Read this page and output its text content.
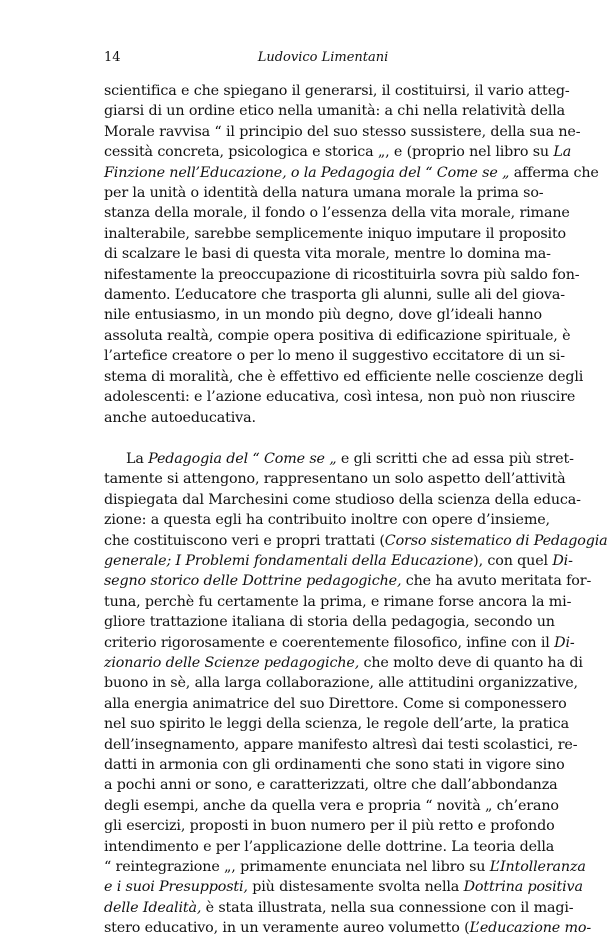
14	Ludovico Limentani

scientifica e che spiegano il generarsi, il costituirsi, il vario atteg-
giarsi di un ordine etico nella umanità: a chi nella relatività della
Morale ravvisa “ il principio del suo stesso sussistere, della sua ne-
cessità concreta, psicologica e storica „, e (proprio nel libro su La
Finzione nell’Educazione, o la Pedagogia del “ Come se „ afferma che
per la unità o identità della natura umana morale la prima so-
stanza della morale, il fondo o l’essenza della vita morale, rimane
inalterabile, sarebbe semplicemente iniquo imputare il proposito
di scalzare le basi di questa vita morale, mentre lo domina ma-
nifestamente la preoccupazione di ricostituirla sovra più saldo fon-
damento. L’educatore che trasporta gli alunni, sulle ali del giova-
nile entusiasmo, in un mondo più degno, dove gl’ideali hanno
assoluta realtà, compie opera positiva di edificazione spirituale, è
l’artefice creatore o per lo meno il suggestivo eccitatore di un si-
stema di moralità, che è effettivo ed efficiente nelle coscienze degli
adolescenti: e l’azione educativa, così intesa, non può non riuscire
anche autoeducativa.

La Pedagogia del “ Come se „ e gli scritti che ad essa più stret-
tamente si attengono, rappresentano un solo aspetto dell’attività
dispiegata dal Marchesini come studioso della scienza della educa-
zione: a questa egli ha contribuito inoltre con opere d’insieme,
che costituiscono veri e propri trattati (Corso sistematico di Pedagogia
generale; I Problemi fondamentali della Educazione), con quel Di-
segno storico delle Dottrine pedagogiche, che ha avuto meritata for-
tuna, perchè fu certamente la prima, e rimane forse ancora la mi-
gliore trattazione italiana di storia della pedagogia, secondo un
criterio rigorosamente e coerentemente filosofico, infine con il Di-
zionario delle Scienze pedagogiche, che molto deve di quanto ha di
buono in sè, alla larga collaborazione, alle attitudini organizzative,
alla energia animatrice del suo Direttore. Come si componessero
nel suo spirito le leggi della scienza, le regole dell’arte, la pratica
dell’insegnamento, appare manifesto altresì dai testi scolastici, re-
datti in armonia con gli ordinamenti che sono stati in vigore sino
a pochi anni or sono, e caratterizzati, oltre che dall’abbondanza
degli esempi, anche da quella vera e propria “ novità „ ch’erano
gli esercizi, proposti in buon numero per il più retto e profondo
intendimento e per l’applicazione delle dottrine. La teoria della
“ reintegrazione „, primamente enunciata nel libro su L’Intolleranza
e i suoi Presupposti, più distesamente svolta nella Dottrina positiva
delle Idealità, è stata illustrata, nella sua connessione con il magi-
stero educativo, in un veramente aureo volumetto (L’educazione mo-
